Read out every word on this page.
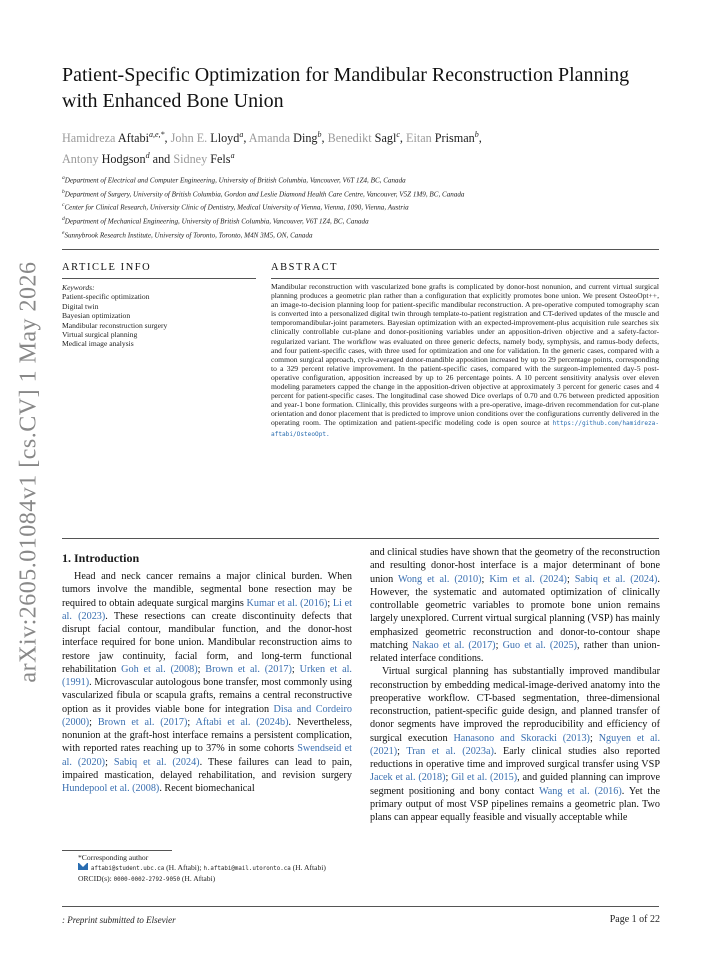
arXiv:2605.01084v1 [cs.CV] 1 May 2026
Patient-Specific Optimization for Mandibular Reconstruction Planning
with Enhanced Bone Union
Hamidreza Aftabi$^{a,e,*}$, John E. Lloyd$^a$, Amanda Ding$^b$, Benedikt Sagl$^c$, Eitan Prisman$^b$,
Antony Hodgson$^d$ and Sidney Fels$^a$
$^a$Department of Electrical and Computer Engineering, University of British Columbia, Vancouver, V6T 1Z4, BC, Canada
$^b$Department of Surgery, University of British Columbia, Gordon and Leslie Diamond Health Care Centre, Vancouver, V5Z 1M9, BC, Canada
$^c$Center for Clinical Research, University Clinic of Dentistry, Medical University of Vienna, Vienna, 1090, Vienna, Austria
$^d$Department of Mechanical Engineering, University of British Columbia, Vancouver, V6T 1Z4, BC, Canada
$^e$Sunnybrook Research Institute, University of Toronto, Toronto, M4N 3M5, ON, Canada
ARTICLE INFO	ABSTRACT
Keywords:
Patient-specific optimization
Digital twin
Bayesian optimization
Mandibular reconstruction surgery
Virtual surgical planning
Medical image analysis
Mandibular reconstruction with vascularized bone grafts is complicated by donor-host nonunion, and current virtual surgical planning produces a geometric plan rather than a configuration that explicitly promotes bone union. We present OsteoOpt++, an image-to-decision planning loop for patient-specific mandibular reconstruction. A pre-operative computed tomography scan is converted into a personalized digital twin through template-to-patient registration and CT-derived updates of the muscle and temporomandibular-joint parameters. Bayesian optimization with an expected-improvement-plus acquisition rule searches six clinically controllable cut-plane and donor-positioning variables under an apposition-driven objective and a safety-factor-regularized variant. The workflow was evaluated on three generic defects, namely body, symphysis, and ramus-body defects, and four patient-specific cases, with three used for optimization and one for validation. In the generic cases, compared with a common surgical approach, cycle-averaged donor-mandible apposition increased by up to 29 percentage points, corresponding to a 329 percent relative improvement. In the patient-specific cases, compared with the surgeon-implemented day-5 post-operative configuration, apposition increased by up to 26 percentage points. A 10 percent sensitivity analysis over eleven modeling parameters capped the change in the apposition-driven objective at approximately 3 percent for generic cases and 4 percent for patient-specific cases. The longitudinal case showed Dice overlaps of 0.70 and 0.76 between predicted apposition and year-1 bone formation. Clinically, this provides surgeons with a pre-operative, image-driven recommendation for cut-plane orientation and donor placement that is predicted to improve union conditions over the configurations currently delivered in the operating room. The optimization and patient-specific modeling code is open source at https://github.com/hamidreza-aftabi/OsteoOpt.
1. Introduction

Head and neck cancer remains a major clinical burden. When tumors involve the mandible, segmental bone resection may be required to obtain adequate surgical margins Kumar et al. (2016); Li et al. (2023). These resections can create discontinuity defects that disrupt facial contour, mandibular function, and the donor-host interface required for bone union. Mandibular reconstruction aims to restore jaw continuity, facial form, and long-term functional rehabilitation Goh et al. (2008); Brown et al. (2017); Urken et al. (1991). Microvascular autologous bone transfer, most commonly using vascularized fibula or scapula grafts, remains a central reconstructive option as it provides viable bone for integration Disa and Cordeiro (2000); Brown et al. (2017); Aftabi et al. (2024b). Nevertheless, nonunion at the graft-host interface remains a persistent complication, with reported rates reaching up to 37% in some cohorts Swendseid et al. (2020); Sabiq et al. (2024). These failures can lead to pain, impaired mastication, delayed rehabilitation, and revision surgery Hundepool et al. (2008). Recent biomechanical

and clinical studies have shown that the geometry of the reconstruction and resulting donor-host interface is a major determinant of bone union Wong et al. (2010); Kim et al. (2024); Sabiq et al. (2024). However, the systematic and automated optimization of clinically controllable geometric variables to promote bone union remains largely unexplored. Current virtual surgical planning (VSP) has mainly emphasized geometric reconstruction and donor-to-contour shape matching Nakao et al. (2017); Guo et al. (2025), rather than union-related interface conditions.

Virtual surgical planning has substantially improved mandibular reconstruction by embedding medical-image-derived anatomy into the preoperative workflow. CT-based segmentation, three-dimensional reconstruction, patient-specific guide design, and planned transfer of donor segments have improved the reproducibility and efficiency of surgical execution Hanasono and Skoracki (2013); Nguyen et al. (2021); Tran et al. (2023a). Early clinical studies also reported reductions in operative time and improved surgical transfer using VSP Jacek et al. (2018); Gil et al. (2015), and guided planning can improve segment positioning and bony contact Wang et al. (2016). Yet the primary output of most VSP pipelines remains a geometric plan. Two plans can appear equally feasible and visually acceptable while

*Corresponding author
aftabi@student.ubc.ca (H. Aftabi); h.aftabi@mail.utoronto.ca (H. Aftabi)
ORCID(s): 0000-0002-2792-9050 (H. Aftabi)
: Preprint submitted to Elsevier	Page 1 of 22
